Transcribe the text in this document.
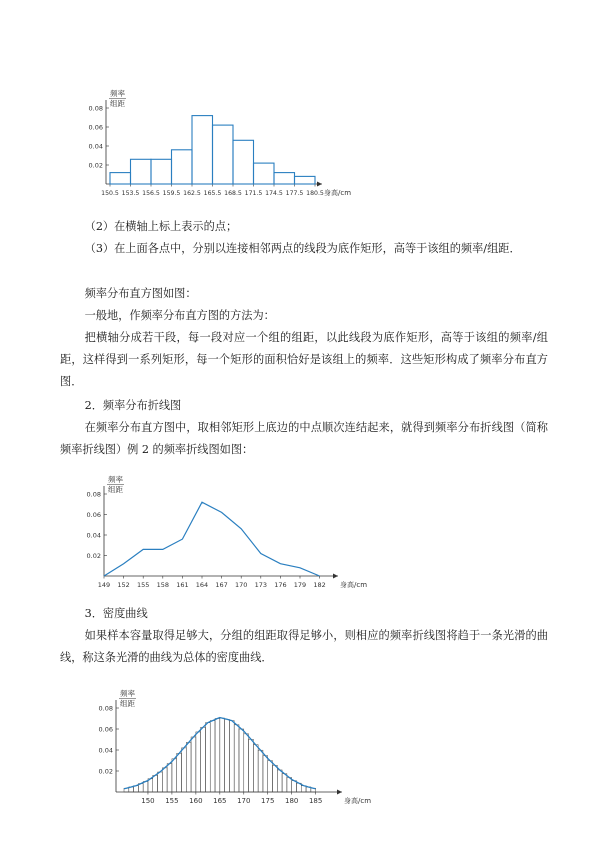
频率
组距
0.02
0.04
0.06
0.08
150.5 153.5 156.5 159.5 162.5 165.5 168.5 171.5 174.5 177.5 180.5 身高/cm

（2）在横轴上标上表示的点；

（3）在上面各点中，分别以连接相邻两点的线段为底作矩形，高等于该组的频率/组距．

频率分布直方图如图：

一般地，作频率分布直方图的方法为：

把横轴分成若干段，每一段对应一个组的组距，以此线段为底作矩形，高等于该组的频率/组距，这样得到一系列矩形，每一个矩形的面积恰好是该组上的频率．这些矩形构成了频率分布直方图．

2．频率分布折线图

在频率分布直方图中，取相邻矩形上底边的中点顺次连结起来，就得到频率分布折线图（简称频率折线图）例 2 的频率折线图如图：

频率
组距
0.02
0.04
0.06
0.08
149 152 155 158 161 164 167 170 173 176 179 182 身高/cm

3．密度曲线

如果样本容量取得足够大，分组的组距取得足够小，则相应的频率折线图将趋于一条光滑的曲线，称这条光滑的曲线为总体的密度曲线．

频率
组距
0.02
0.04
0.06
0.08
150 155 160 165 170 175 180 185	身高/cm
